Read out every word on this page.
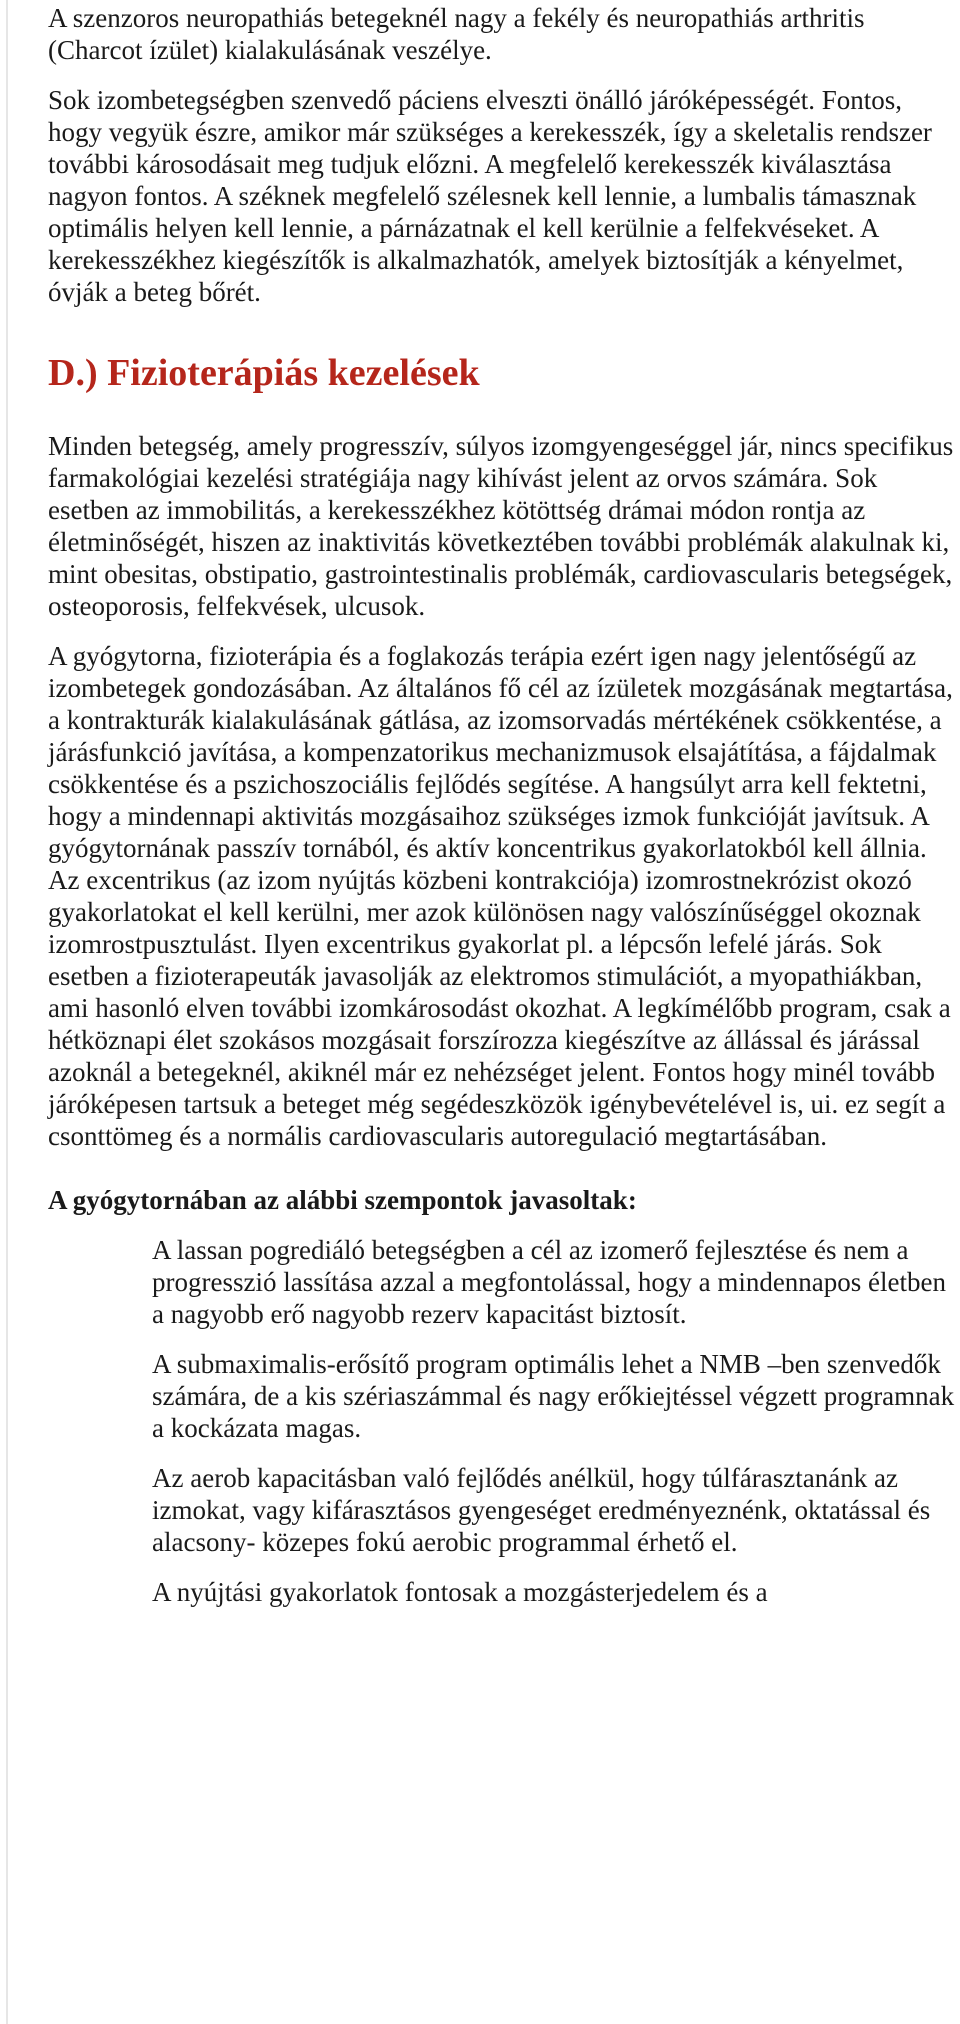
A szenzoros neuropathiás betegeknél nagy a fekély és neuropathiás arthritis (Charcot ízület) kialakulásának veszélye.

Sok izombetegségben szenvedő páciens elveszti önálló járóképességét. Fontos, hogy vegyük észre, amikor már szükséges a kerekesszék, így a skeletalis rendszer további károsodásait meg tudjuk előzni. A megfelelő kerekesszék kiválasztása nagyon fontos. A széknek megfelelő szélesnek kell lennie, a lumbalis támasznak optimális helyen kell lennie, a párnázatnak el kell kerülnie a felfekvéseket. A kerekesszékhez kiegészítők is alkalmazhatók, amelyek biztosítják a kényelmet, óvják a beteg bőrét.

D.) Fizioterápiás kezelések

Minden betegség, amely progresszív, súlyos izomgyengeséggel jár, nincs specifikus farmakológiai kezelési stratégiája nagy kihívást jelent az orvos számára. Sok esetben az immobilitás, a kerekesszékhez kötöttség drámai módon rontja az életminőségét, hiszen az inaktivitás következtében további problémák alakulnak ki, mint obesitas, obstipatio, gastrointestinalis problémák, cardiovascularis betegségek, osteoporosis, felfekvések, ulcusok.

A gyógytorna, fizioterápia és a foglakozás terápia ezért igen nagy jelentőségű az izombetegek gondozásában. Az általános fő cél az ízületek mozgásának megtartása, a kontrakturák kialakulásának gátlása, az izomsorvadás mértékének csökkentése, a járásfunkció javítása, a kompenzatorikus mechanizmusok elsajátítása, a fájdalmak csökkentése és a pszichoszociális fejlődés segítése. A hangsúlyt arra kell fektetni, hogy a mindennapi aktivitás mozgásaihoz szükséges izmok funkcióját javítsuk. A gyógytornának passzív tornából, és aktív koncentrikus gyakorlatokból kell állnia. Az excentrikus (az izom nyújtás közbeni kontrakciója) izomrostnekrózist okozó gyakorlatokat el kell kerülni, mer azok különösen nagy valószínűséggel okoznak izomrostpusztulást. Ilyen excentrikus gyakorlat pl. a lépcsőn lefelé járás. Sok esetben a fizioterapeuták javasolják az elektromos stimulációt, a myopathiákban, ami hasonló elven további izomkárosodást okozhat. A legkímélőbb program, csak a hétköznapi élet szokásos mozgásait forszírozza kiegészítve az állással és járással azoknál a betegeknél, akiknél már ez nehézséget jelent. Fontos hogy minél tovább járóképesen tartsuk a beteget még segédeszközök igénybevételével is, ui. ez segít a csonttömeg és a normális cardiovascularis autoregulació megtartásában.

A gyógytornában az alábbi szempontok javasoltak:

A lassan pogrediáló betegségben a cél az izomerő fejlesztése és nem a progresszió lassítása azzal a megfontolással, hogy a mindennapos életben a nagyobb erő nagyobb rezerv kapacitást biztosít.

A submaximalis-erősítő program optimális lehet a NMB –ben szenvedők számára, de a kis szériaszámmal és nagy erőkiejtéssel végzett programnak a kockázata magas.

Az aerob kapacitásban való fejlődés anélkül, hogy túlfárasztanánk az izmokat, vagy kifárasztásos gyengeséget eredményeznénk, oktatással és alacsony- közepes fokú aerobic programmal érhető el.

A nyújtási gyakorlatok fontosak a mozgásterjedelem és a
